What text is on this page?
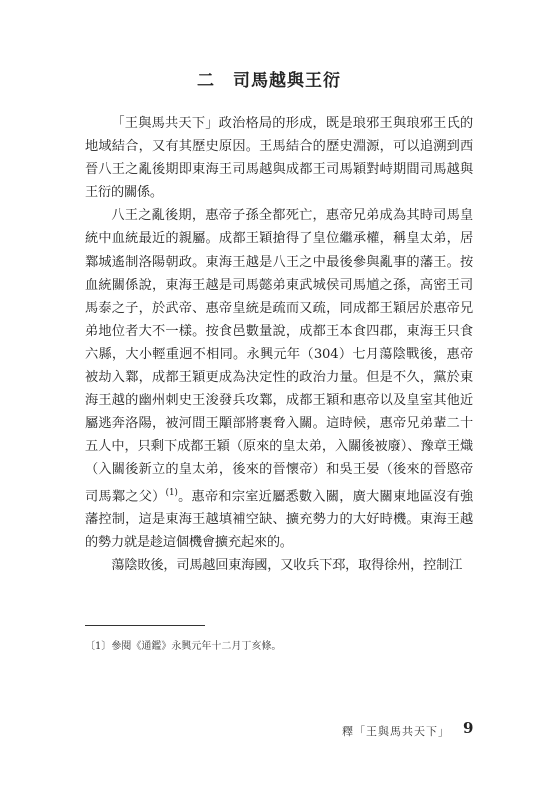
二　司馬越與王衍

「王與馬共天下」政治格局的形成，既是琅邪王與琅邪王氏的地域結合，又有其歷史原因。王馬結合的歷史淵源，可以追溯到西晉八王之亂後期即東海王司馬越與成都王司馬穎對峙期間司馬越與王衍的關係。

八王之亂後期，惠帝子孫全都死亡，惠帝兄弟成為其時司馬皇統中血統最近的親屬。成都王穎搶得了皇位繼承權，稱皇太弟，居鄴城遙制洛陽朝政。東海王越是八王之中最後參與亂事的藩王。按血統關係說，東海王越是司馬懿弟東武城侯司馬馗之孫，高密王司馬泰之子，於武帝、惠帝皇統是疏而又疏，同成都王穎居於惠帝兄弟地位者大不一樣。按食邑數量說，成都王本食四郡，東海王只食六縣，大小輕重迥不相同。永興元年（304）七月蕩陰戰後，惠帝被劫入鄴，成都王穎更成為決定性的政治力量。但是不久，黨於東海王越的幽州刺史王浚發兵攻鄴，成都王穎和惠帝以及皇室其他近屬逃奔洛陽，被河間王顒部將裹脅入關。這時候，惠帝兄弟輩二十五人中，只剩下成都王穎（原來的皇太弟，入關後被廢）、豫章王熾（入關後新立的皇太弟，後來的晉懷帝）和吳王晏（後來的晉愍帝司馬鄴之父）$^{(1)}$。惠帝和宗室近屬悉數入關，廣大關東地區沒有強藩控制，這是東海王越填補空缺、擴充勢力的大好時機。東海王越的勢力就是趁這個機會擴充起來的。

蕩陰敗後，司馬越回東海國，又收兵下邳，取得徐州，控制江

〔1〕參閱《通鑑》永興元年十二月丁亥條。
釋「王與馬共天下」 9
